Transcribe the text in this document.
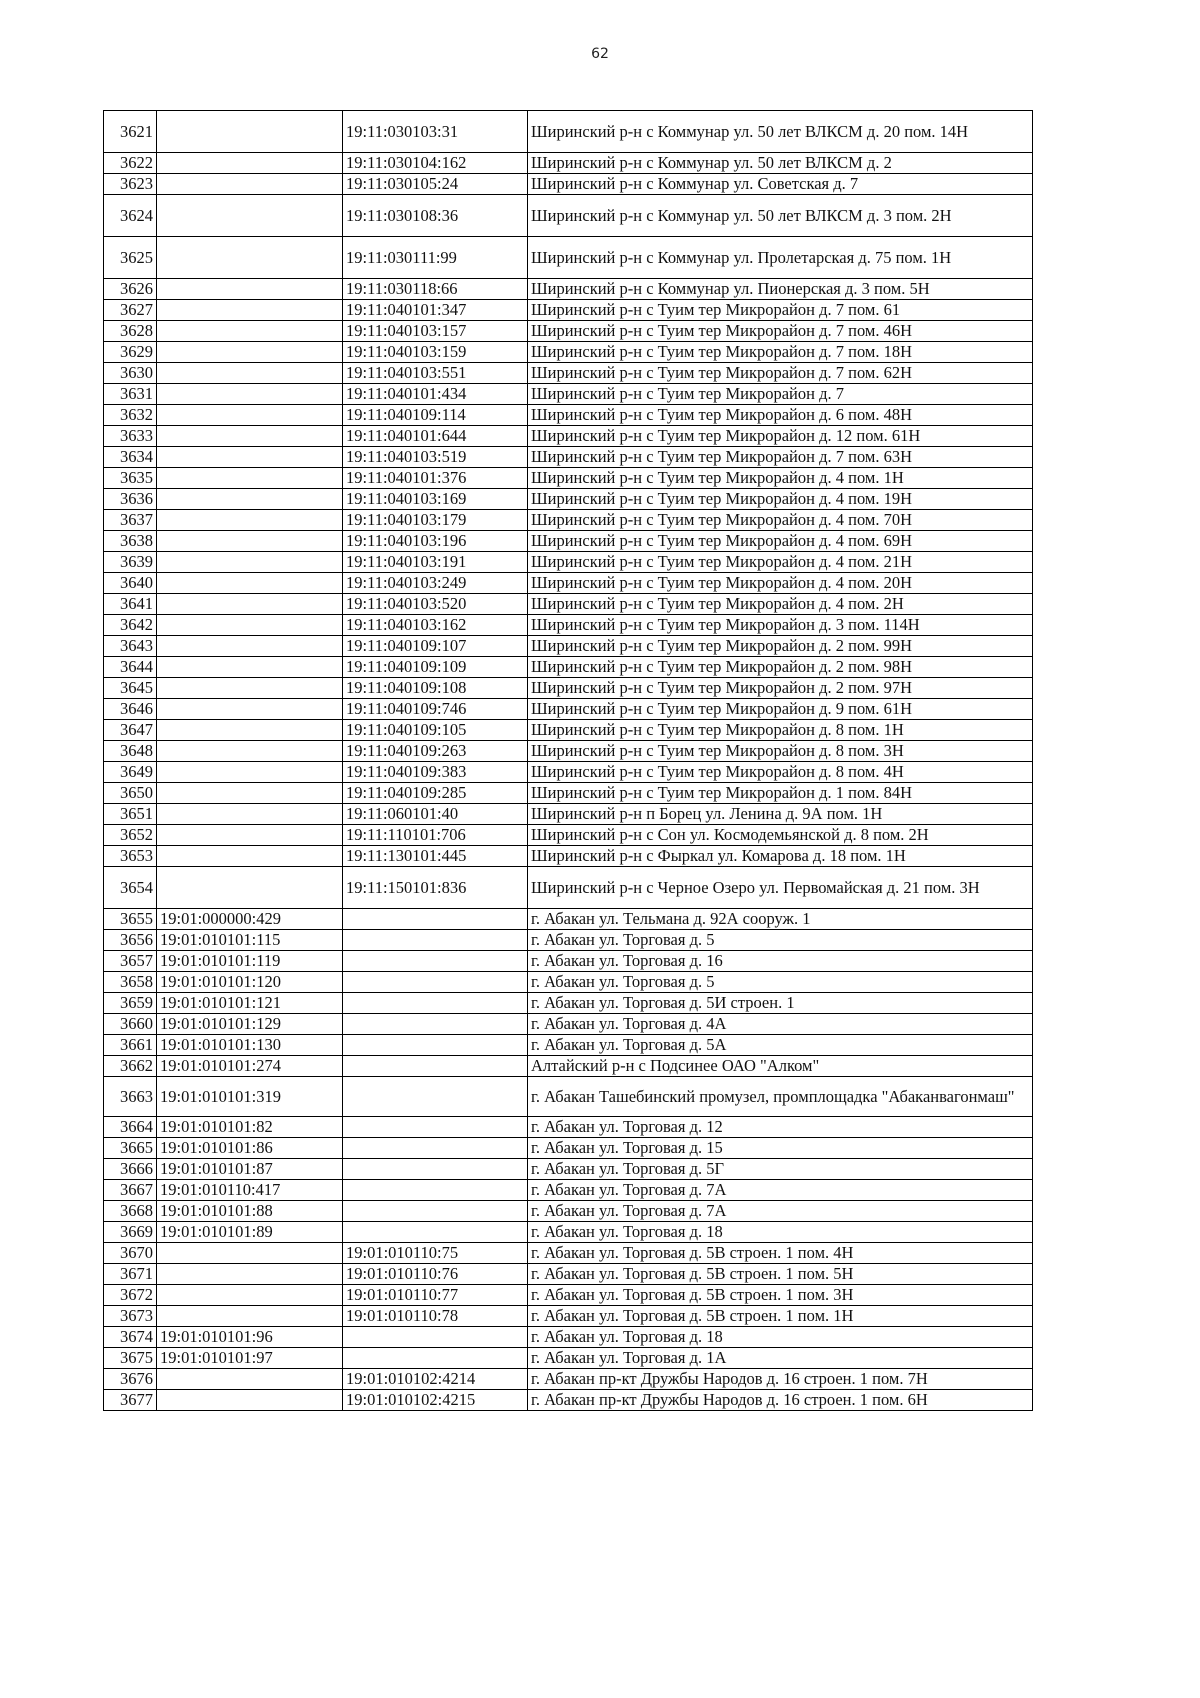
62
3621		19:11:030103:31	Ширинский р-н с Коммунар ул. 50 лет ВЛКСМ д. 20 пом. 14Н
3622		19:11:030104:162	Ширинский р-н с Коммунар ул. 50 лет ВЛКСМ д. 2
3623		19:11:030105:24	Ширинский р-н с Коммунар ул. Советская д. 7
3624		19:11:030108:36	Ширинский р-н с Коммунар ул. 50 лет ВЛКСМ д. 3 пом. 2Н
3625		19:11:030111:99	Ширинский р-н с Коммунар ул. Пролетарская д. 75 пом. 1Н
3626		19:11:030118:66	Ширинский р-н с Коммунар ул. Пионерская д. 3 пом. 5Н
3627		19:11:040101:347	Ширинский р-н с Туим тер Микрорайон д. 7 пом. 61
3628		19:11:040103:157	Ширинский р-н с Туим тер Микрорайон д. 7 пом. 46Н
3629		19:11:040103:159	Ширинский р-н с Туим тер Микрорайон д. 7 пом. 18Н
3630		19:11:040103:551	Ширинский р-н с Туим тер Микрорайон д. 7 пом. 62Н
3631		19:11:040101:434	Ширинский р-н с Туим тер Микрорайон д. 7
3632		19:11:040109:114	Ширинский р-н с Туим тер Микрорайон д. 6 пом. 48Н
3633		19:11:040101:644	Ширинский р-н с Туим тер Микрорайон д. 12 пом. 61Н
3634		19:11:040103:519	Ширинский р-н с Туим тер Микрорайон д. 7 пом. 63Н
3635		19:11:040101:376	Ширинский р-н с Туим тер Микрорайон д. 4 пом. 1Н
3636		19:11:040103:169	Ширинский р-н с Туим тер Микрорайон д. 4 пом. 19Н
3637		19:11:040103:179	Ширинский р-н с Туим тер Микрорайон д. 4 пом. 70Н
3638		19:11:040103:196	Ширинский р-н с Туим тер Микрорайон д. 4 пом. 69Н
3639		19:11:040103:191	Ширинский р-н с Туим тер Микрорайон д. 4 пом. 21Н
3640		19:11:040103:249	Ширинский р-н с Туим тер Микрорайон д. 4 пом. 20Н
3641		19:11:040103:520	Ширинский р-н с Туим тер Микрорайон д. 4 пом. 2Н
3642		19:11:040103:162	Ширинский р-н с Туим тер Микрорайон д. 3 пом. 114Н
3643		19:11:040109:107	Ширинский р-н с Туим тер Микрорайон д. 2 пом. 99Н
3644		19:11:040109:109	Ширинский р-н с Туим тер Микрорайон д. 2 пом. 98Н
3645		19:11:040109:108	Ширинский р-н с Туим тер Микрорайон д. 2 пом. 97Н
3646		19:11:040109:746	Ширинский р-н с Туим тер Микрорайон д. 9 пом. 61Н
3647		19:11:040109:105	Ширинский р-н с Туим тер Микрорайон д. 8 пом. 1Н
3648		19:11:040109:263	Ширинский р-н с Туим тер Микрорайон д. 8 пом. 3Н
3649		19:11:040109:383	Ширинский р-н с Туим тер Микрорайон д. 8 пом. 4Н
3650		19:11:040109:285	Ширинский р-н с Туим тер Микрорайон д. 1 пом. 84Н
3651		19:11:060101:40	Ширинский р-н п Борец ул. Ленина д. 9А пом. 1Н
3652		19:11:110101:706	Ширинский р-н с Сон ул. Космодемьянской д. 8 пом. 2Н
3653		19:11:130101:445	Ширинский р-н с Фыркал ул. Комарова д. 18 пом. 1Н
3654		19:11:150101:836	Ширинский р-н с Черное Озеро ул. Первомайская д. 21 пом. 3Н
3655	19:01:000000:429		г. Абакан ул. Тельмана д. 92А сооруж. 1
3656	19:01:010101:115		г. Абакан ул. Торговая д. 5
3657	19:01:010101:119		г. Абакан ул. Торговая д. 16
3658	19:01:010101:120		г. Абакан ул. Торговая д. 5
3659	19:01:010101:121		г. Абакан ул. Торговая д. 5И строен. 1
3660	19:01:010101:129		г. Абакан ул. Торговая д. 4А
3661	19:01:010101:130		г. Абакан ул. Торговая д. 5А
3662	19:01:010101:274		Алтайский р-н с Подсинее ОАО "Алком"
3663	19:01:010101:319		г. Абакан Ташебинский промузел, промплощадка "Абаканвагонмаш"
3664	19:01:010101:82		г. Абакан ул. Торговая д. 12
3665	19:01:010101:86		г. Абакан ул. Торговая д. 15
3666	19:01:010101:87		г. Абакан ул. Торговая д. 5Г
3667	19:01:010110:417		г. Абакан ул. Торговая д. 7А
3668	19:01:010101:88		г. Абакан ул. Торговая д. 7А
3669	19:01:010101:89		г. Абакан ул. Торговая д. 18
3670		19:01:010110:75	г. Абакан ул. Торговая д. 5В строен. 1 пом. 4Н
3671		19:01:010110:76	г. Абакан ул. Торговая д. 5В строен. 1 пом. 5Н
3672		19:01:010110:77	г. Абакан ул. Торговая д. 5В строен. 1 пом. 3Н
3673		19:01:010110:78	г. Абакан ул. Торговая д. 5В строен. 1 пом. 1Н
3674	19:01:010101:96		г. Абакан ул. Торговая д. 18
3675	19:01:010101:97		г. Абакан ул. Торговая д. 1А
3676		19:01:010102:4214	г. Абакан пр-кт Дружбы Народов д. 16 строен. 1 пом. 7Н
3677		19:01:010102:4215	г. Абакан пр-кт Дружбы Народов д. 16 строен. 1 пом. 6Н
